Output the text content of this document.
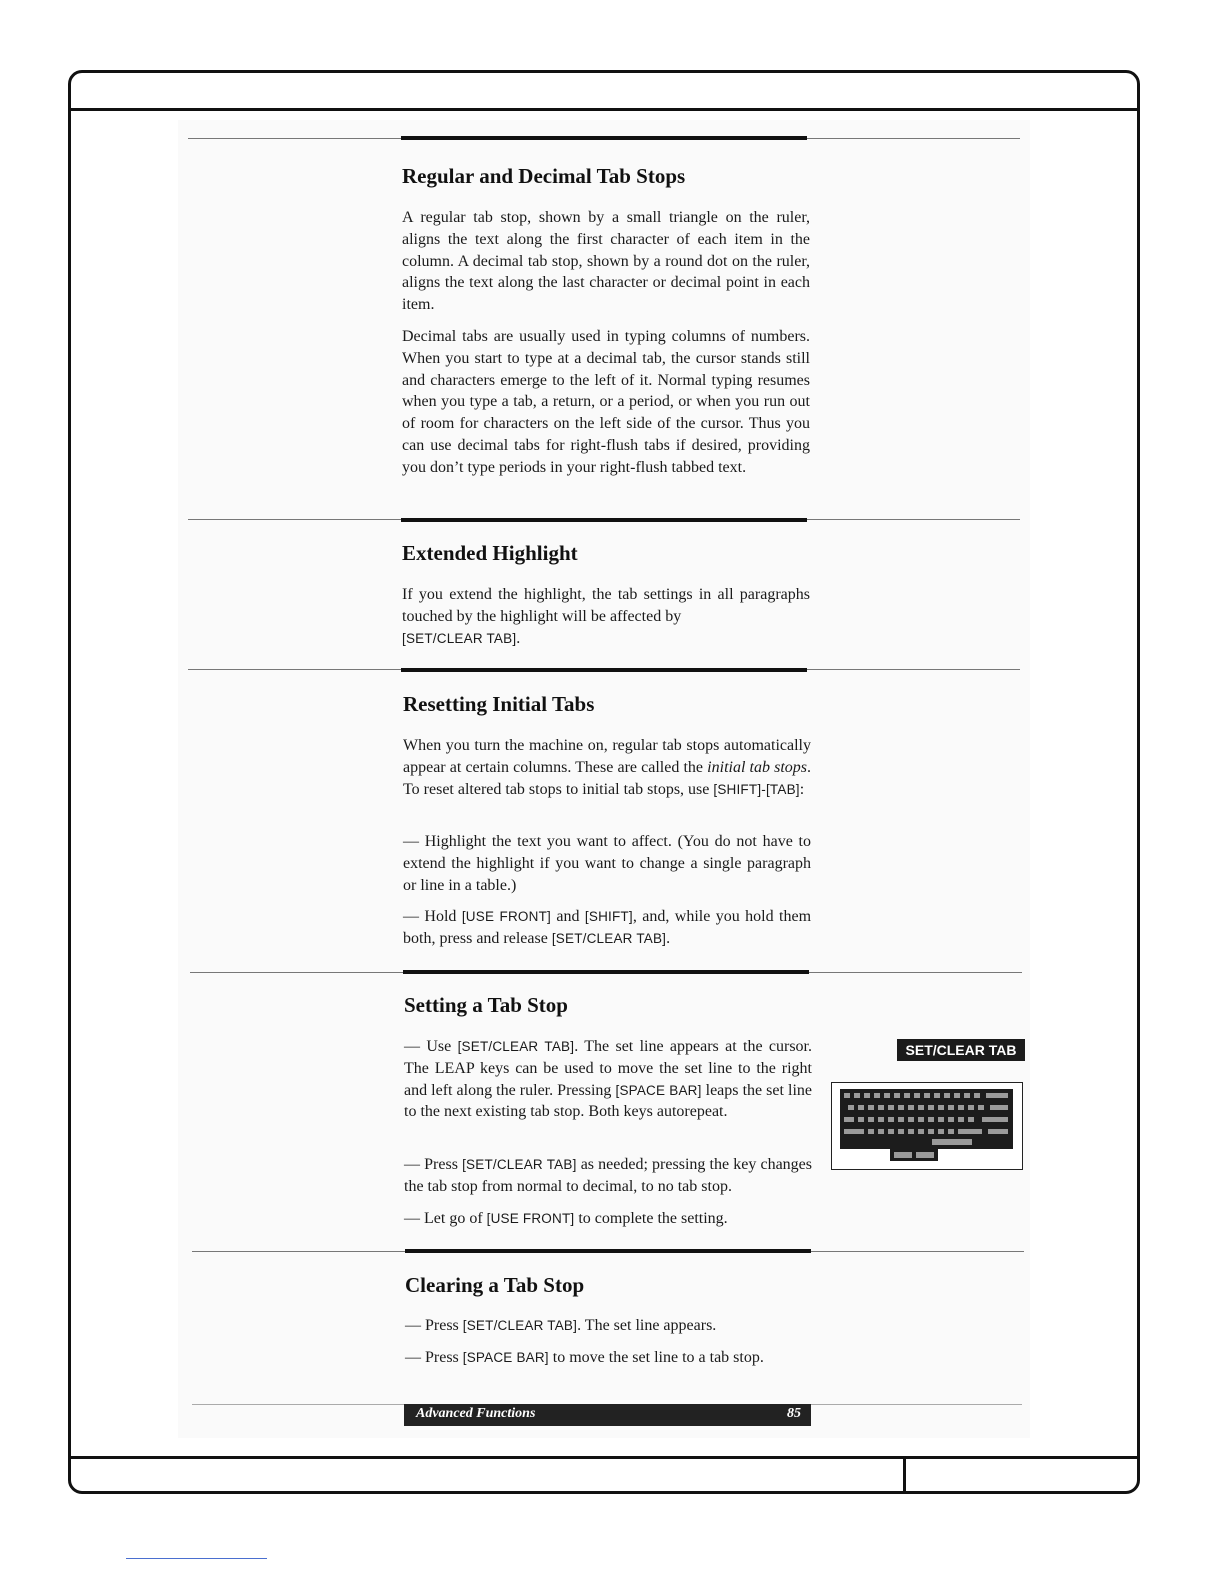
Regular and Decimal Tab Stops

A regular tab stop, shown by a small triangle on the ruler, aligns the text along the first character of each item in the column. A decimal tab stop, shown by a round dot on the ruler, aligns the text along the last character or decimal point in each item.

Decimal tabs are usually used in typing columns of numbers. When you start to type at a decimal tab, the cursor stands still and characters emerge to the left of it. Normal typing resumes when you type a tab, a return, or a period, or when you run out of room for characters on the left side of the cursor. Thus you can use decimal tabs for right-flush tabs if desired, providing you don’t type periods in your right-flush tabbed text.

Extended Highlight

If you extend the highlight, the tab settings in all paragraphs touched by the highlight will be affected by
[SET/CLEAR TAB].

Resetting Initial Tabs

When you turn the machine on, regular tab stops automatically appear at certain columns. These are called the initial tab stops. To reset altered tab stops to initial tab stops, use [SHIFT]-[TAB]:

— Highlight the text you want to affect. (You do not have to extend the highlight if you want to change a single paragraph or line in a table.)

— Hold [USE FRONT] and [SHIFT], and, while you hold them both, press and release [SET/CLEAR TAB].

Setting a Tab Stop

— Use [SET/CLEAR TAB]. The set line appears at the cursor. The LEAP keys can be used to move the set line to the right and left along the ruler. Pressing [SPACE BAR] leaps the set line to the next existing tab stop. Both keys autorepeat.

— Press [SET/CLEAR TAB] as needed; pressing the key changes the tab stop from normal to decimal, to no tab stop.

— Let go of [USE FRONT] to complete the setting.

SET/CLEAR TAB
Clearing a Tab Stop

— Press [SET/CLEAR TAB]. The set line appears.

— Press [SPACE BAR] to move the set line to a tab stop.

Advanced Functions	85
